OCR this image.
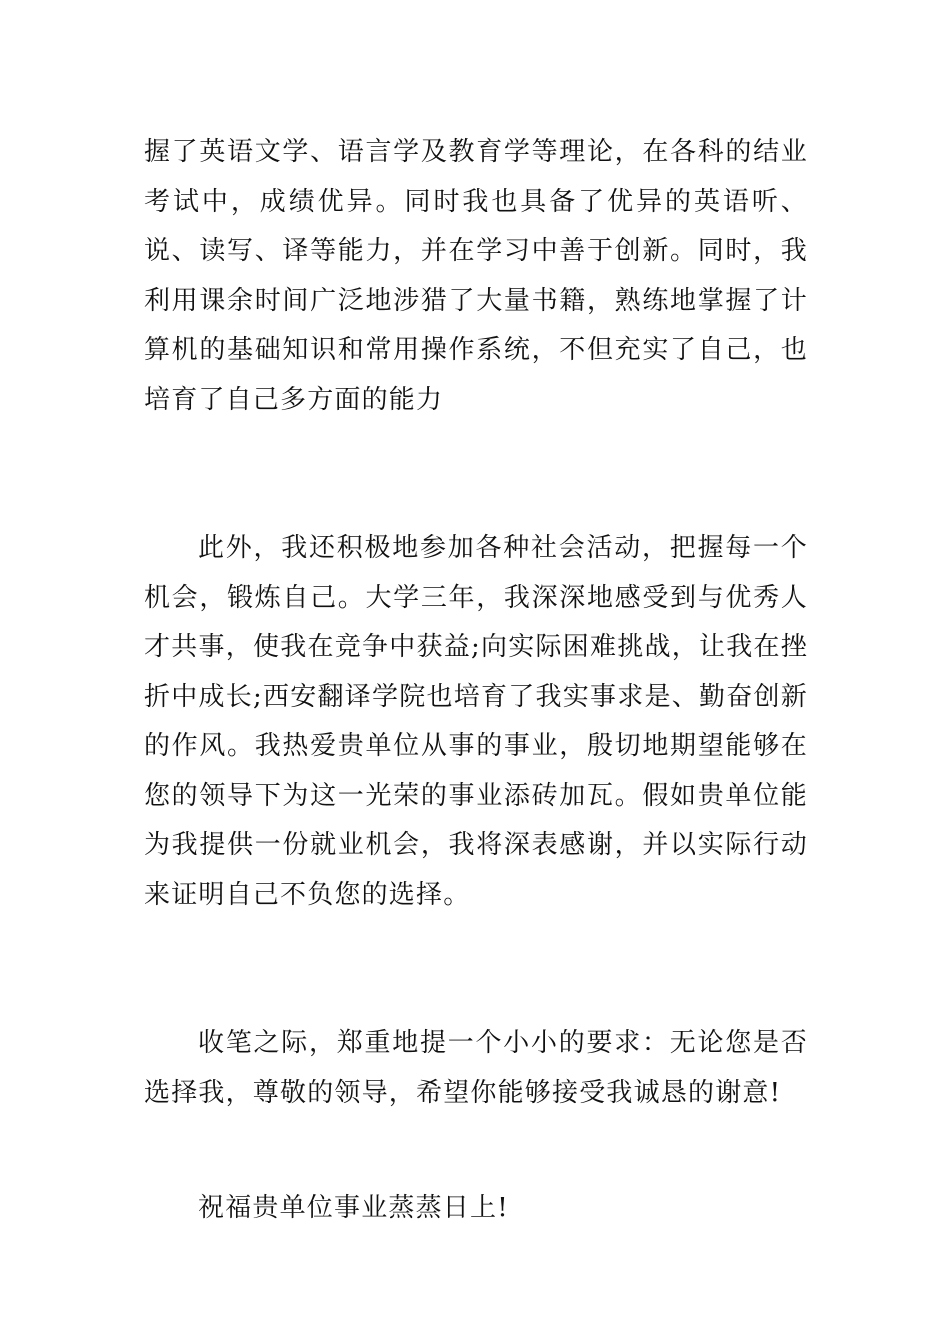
握了英语文学、语言学及教育学等理论，在各科的结业考试中，成绩优异。同时我也具备了优异的英语听、说、读写、译等能力，并在学习中善于创新。同时，我利用课余时间广泛地涉猎了大量书籍，熟练地掌握了计算机的基础知识和常用操作系统，不但充实了自己，也培育了自己多方面的能力

此外，我还积极地参加各种社会活动，把握每一个机会，锻炼自己。大学三年，我深深地感受到与优秀人才共事，使我在竞争中获益;向实际困难挑战，让我在挫折中成长;西安翻译学院也培育了我实事求是、勤奋创新的作风。我热爱贵单位从事的事业，殷切地期望能够在您的领导下为这一光荣的事业添砖加瓦。假如贵单位能为我提供一份就业机会，我将深表感谢，并以实际行动来证明自己不负您的选择。

收笔之际，郑重地提一个小小的要求：无论您是否选择我，尊敬的领导，希望你能够接受我诚恳的谢意!

祝福贵单位事业蒸蒸日上!
